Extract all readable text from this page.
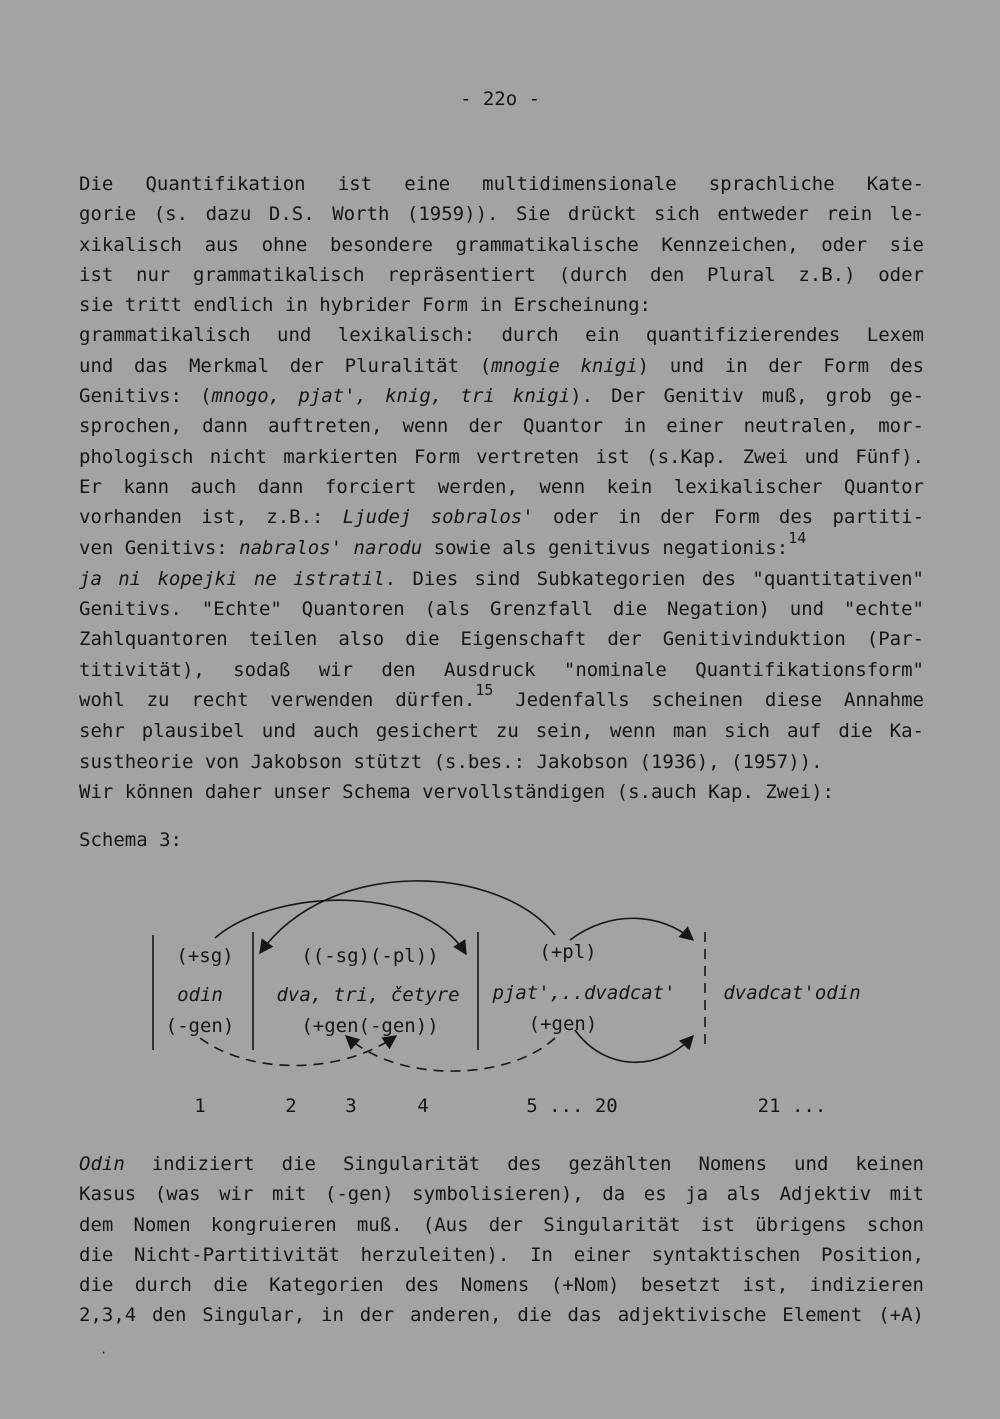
- 22o -
Die Quantifikation ist eine multidimensionale sprachliche Kate-
gorie (s. dazu D.S. Worth (1959)). Sie drückt sich entweder rein le-
xikalisch aus ohne besondere grammatikalische Kennzeichen, oder sie
ist nur grammatikalisch repräsentiert (durch den Plural z.B.) oder
sie tritt endlich in hybrider Form in Erscheinung:
grammatikalisch und lexikalisch: durch ein quantifizierendes Lexem
und das Merkmal der Pluralität (mnogie knigi) und in der Form des
Genitivs: (mnogo, pjat', knig, tri knigi). Der Genitiv muß, grob ge-
sprochen, dann auftreten, wenn der Quantor in einer neutralen, mor-
phologisch nicht markierten Form vertreten ist (s.Kap. Zwei und Fünf).
Er kann auch dann forciert werden, wenn kein lexikalischer Quantor
vorhanden ist, z.B.: Ljudej sobralos' oder in der Form des partiti-
ven Genitivs: nabralos' narodu sowie als genitivus negationis:$^{14}$
ja ni kopejki ne istratil. Dies sind Subkategorien des "quantitativen"
Genitivs. "Echte" Quantoren (als Grenzfall die Negation) und "echte"
Zahlquantoren teilen also die Eigenschaft der Genitivinduktion (Par-
titivität), sodaß wir den Ausdruck "nominale Quantifikationsform"
wohl zu recht verwenden dürfen.$^{15}$ Jedenfalls scheinen diese Annahme
sehr plausibel und auch gesichert zu sein, wenn man sich auf die Ka-
sustheorie von Jakobson stützt (s.bes.: Jakobson (1936), (1957)).
Wir können daher unser Schema vervollständigen (s.auch Kap. Zwei):
Schema 3:
(+sg)
odin
(-gen)
((-sg)(-pl))
dva, tri, četyre
(+gen(-gen))
(+pl)
pjat',..dvadcat'
(+gen)
dvadcat'odin
1	2	3	4	5 ... 20	21 ...
Odin indiziert die Singularität des gezählten Nomens und keinen
Kasus (was wir mit (-gen) symbolisieren), da es ja als Adjektiv mit
dem Nomen kongruieren muß. (Aus der Singularität ist übrigens schon
die Nicht-Partitivität herzuleiten). In einer syntaktischen Position,
die durch die Kategorien des Nomens (+Nom) besetzt ist, indizieren
2,3,4 den Singular, in der anderen, die das adjektivische Element (+A)
·
